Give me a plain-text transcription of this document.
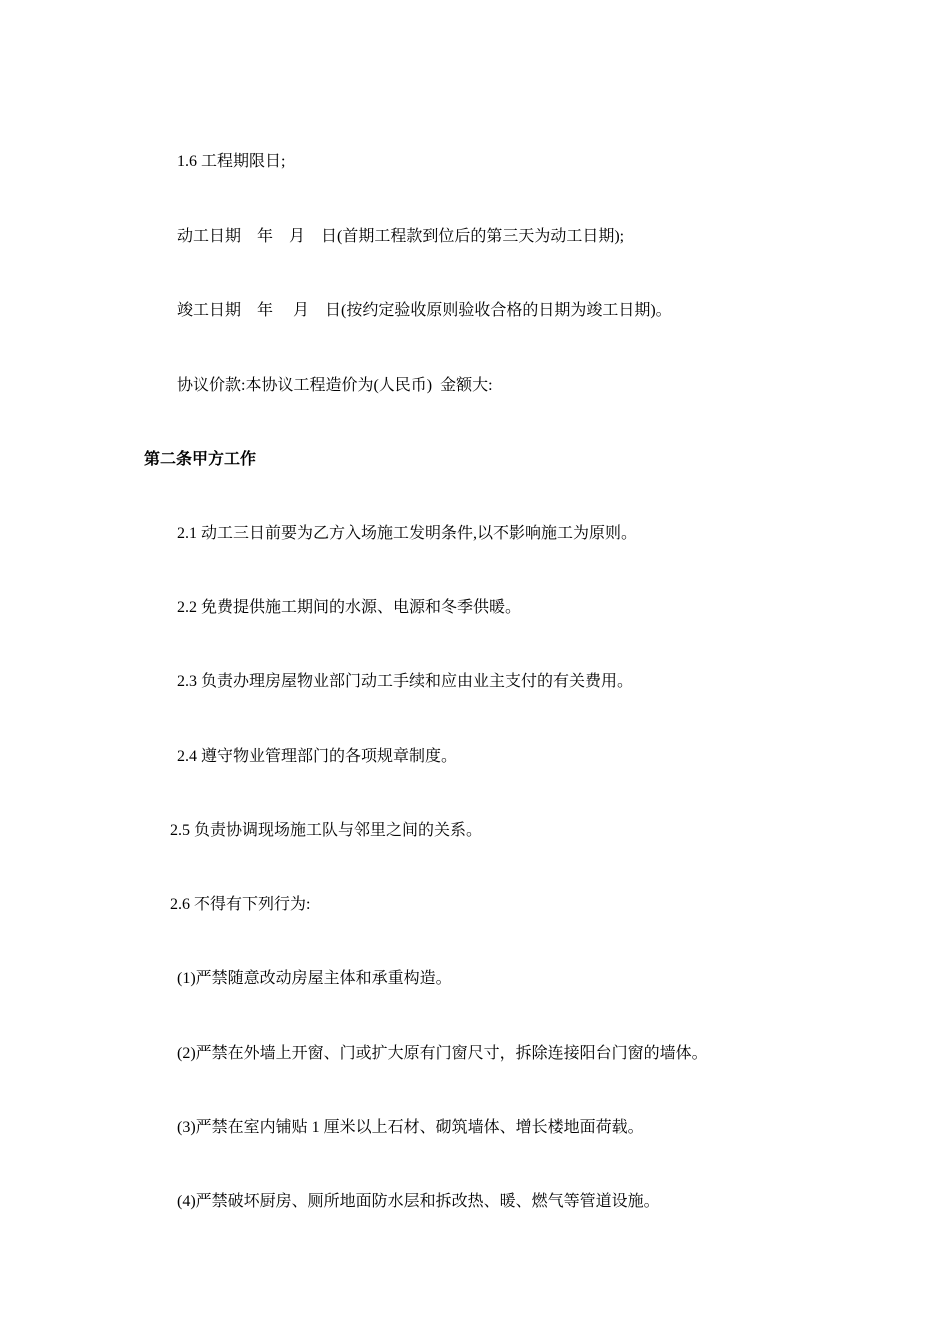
1.6 工程期限日;
动工日期　年　月　日(首期工程款到位后的第三天为动工日期);
竣工日期　年　 月　日(按约定验收原则验收合格的日期为竣工日期)。
协议价款:本协议工程造价为(人民币)  金额大:
第二条甲方工作
2.1 动工三日前要为乙方入场施工发明条件,以不影响施工为原则。
2.2 免费提供施工期间的水源、电源和冬季供暖。
2.3 负责办理房屋物业部门动工手续和应由业主支付的有关费用。
2.4 遵守物业管理部门的各项规章制度。
2.5 负责协调现场施工队与邻里之间的关系。
2.6 不得有下列行为:
(1)严禁随意改动房屋主体和承重构造。
(2)严禁在外墙上开窗、门或扩大原有门窗尺寸，拆除连接阳台门窗的墙体。
(3)严禁在室内铺贴 1 厘米以上石材、砌筑墙体、增长楼地面荷载。
(4)严禁破坏厨房、厕所地面防水层和拆改热、暖、燃气等管道设施。
